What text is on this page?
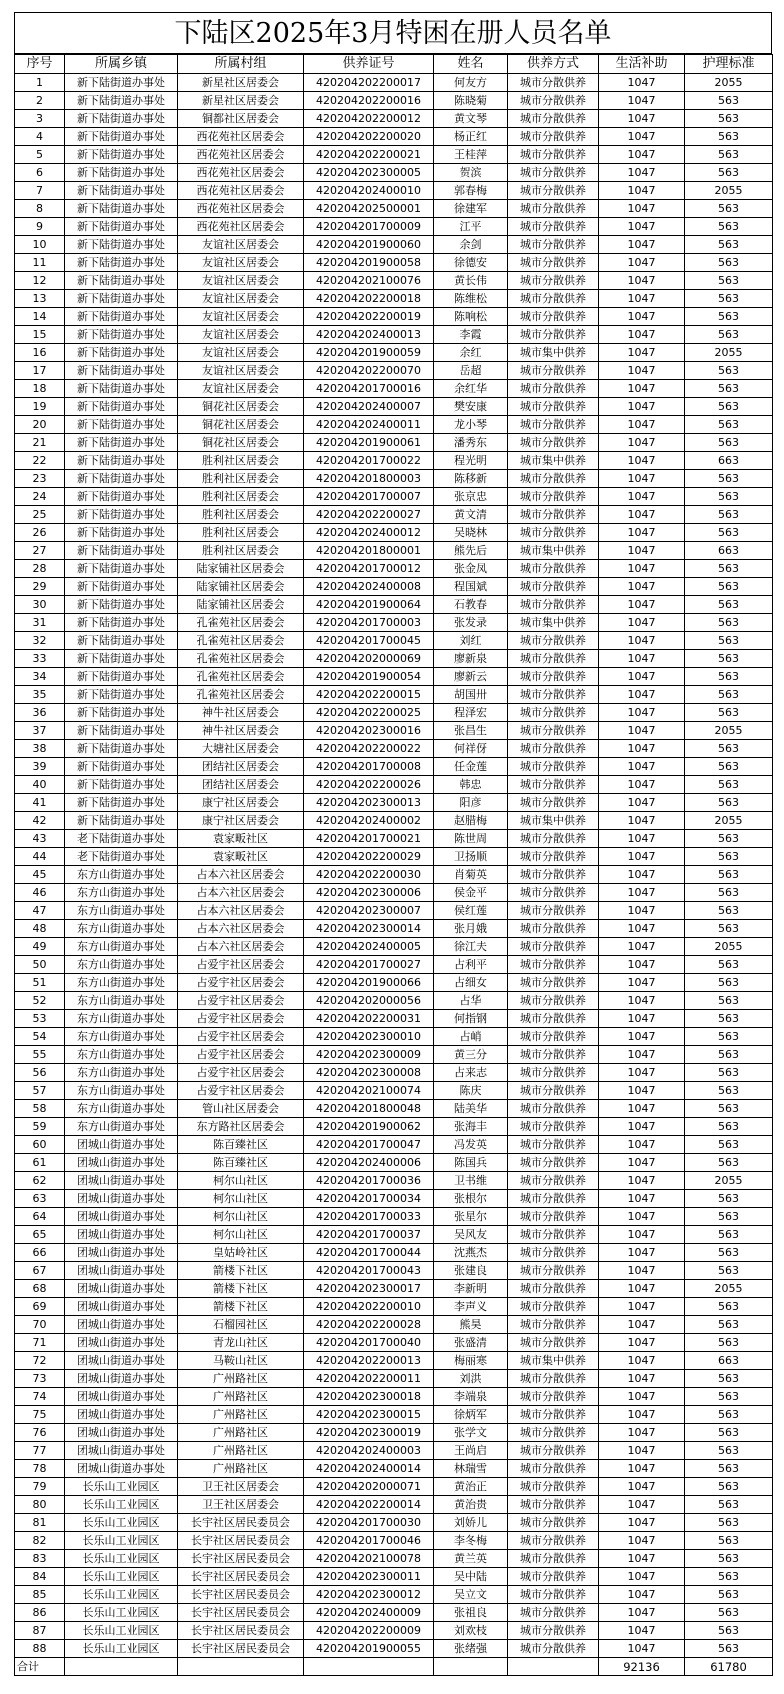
下陆区2025年3月特困在册人员名单
序号	所属乡镇	所属村组	供养证号	姓名	供养方式	生活补助	护理标准
1	新下陆街道办事处	新星社区居委会	420204202200017	何友方	城市分散供养	1047	2055
2	新下陆街道办事处	新星社区居委会	420204202200016	陈晓菊	城市分散供养	1047	563
3	新下陆街道办事处	铜都社区居委会	420204202200012	黄文琴	城市分散供养	1047	563
4	新下陆街道办事处	西花苑社区居委会	420204202200020	杨正红	城市分散供养	1047	563
5	新下陆街道办事处	西花苑社区居委会	420204202200021	王桂萍	城市分散供养	1047	563
6	新下陆街道办事处	西花苑社区居委会	420204202300005	贺滨	城市分散供养	1047	563
7	新下陆街道办事处	西花苑社区居委会	420204202400010	郭春梅	城市分散供养	1047	2055
8	新下陆街道办事处	西花苑社区居委会	420204202500001	徐建军	城市分散供养	1047	563
9	新下陆街道办事处	西花苑社区居委会	420204201700009	江平	城市分散供养	1047	563
10	新下陆街道办事处	友谊社区居委会	420204201900060	余剑	城市分散供养	1047	563
11	新下陆街道办事处	友谊社区居委会	420204201900058	徐德安	城市分散供养	1047	563
12	新下陆街道办事处	友谊社区居委会	420204202100076	黄长伟	城市分散供养	1047	563
13	新下陆街道办事处	友谊社区居委会	420204202200018	陈维松	城市分散供养	1047	563
14	新下陆街道办事处	友谊社区居委会	420204202200019	陈响松	城市分散供养	1047	563
15	新下陆街道办事处	友谊社区居委会	420204202400013	李霞	城市分散供养	1047	563
16	新下陆街道办事处	友谊社区居委会	420204201900059	余红	城市集中供养	1047	2055
17	新下陆街道办事处	友谊社区居委会	420204202200070	岳超	城市分散供养	1047	563
18	新下陆街道办事处	友谊社区居委会	420204201700016	余红华	城市分散供养	1047	563
19	新下陆街道办事处	铜花社区居委会	420204202400007	樊安康	城市分散供养	1047	563
20	新下陆街道办事处	铜花社区居委会	420204202400011	龙小琴	城市分散供养	1047	563
21	新下陆街道办事处	铜花社区居委会	420204201900061	潘秀东	城市分散供养	1047	563
22	新下陆街道办事处	胜利社区居委会	420204201700022	程光明	城市集中供养	1047	663
23	新下陆街道办事处	胜利社区居委会	420204201800003	陈移新	城市分散供养	1047	563
24	新下陆街道办事处	胜利社区居委会	420204201700007	张京忠	城市分散供养	1047	563
25	新下陆街道办事处	胜利社区居委会	420204202200027	黄文清	城市分散供养	1047	563
26	新下陆街道办事处	胜利社区居委会	420204202400012	吴晓林	城市分散供养	1047	563
27	新下陆街道办事处	胜利社区居委会	420204201800001	熊先后	城市集中供养	1047	663
28	新下陆街道办事处	陆家铺社区居委会	420204201700012	张金凤	城市分散供养	1047	563
29	新下陆街道办事处	陆家铺社区居委会	420204202400008	程国斌	城市分散供养	1047	563
30	新下陆街道办事处	陆家铺社区居委会	420204201900064	石教春	城市分散供养	1047	563
31	新下陆街道办事处	孔雀苑社区居委会	420204201700003	张发录	城市集中供养	1047	563
32	新下陆街道办事处	孔雀苑社区居委会	420204201700045	刘红	城市分散供养	1047	563
33	新下陆街道办事处	孔雀苑社区居委会	420204202000069	廖新泉	城市分散供养	1047	563
34	新下陆街道办事处	孔雀苑社区居委会	420204201900054	廖新云	城市分散供养	1047	563
35	新下陆街道办事处	孔雀苑社区居委会	420204202200015	胡国卅	城市分散供养	1047	563
36	新下陆街道办事处	神牛社区居委会	420204202200025	程泽宏	城市分散供养	1047	563
37	新下陆街道办事处	神牛社区居委会	420204202300016	张昌生	城市分散供养	1047	2055
38	新下陆街道办事处	大塘社区居委会	420204202200022	何祥伢	城市分散供养	1047	563
39	新下陆街道办事处	团结社区居委会	420204201700008	任金莲	城市分散供养	1047	563
40	新下陆街道办事处	团结社区居委会	420204202200026	韩忠	城市分散供养	1047	563
41	新下陆街道办事处	康宁社区居委会	420204202300013	阳彦	城市分散供养	1047	563
42	新下陆街道办事处	康宁社区居委会	420204202400002	赵腊梅	城市集中供养	1047	2055
43	老下陆街道办事处	袁家畈社区	420204201700021	陈世周	城市分散供养	1047	563
44	老下陆街道办事处	袁家畈社区	420204202200029	卫扬顺	城市分散供养	1047	563
45	东方山街道办事处	占本六社区居委会	420204202200030	肖菊英	城市分散供养	1047	563
46	东方山街道办事处	占本六社区居委会	420204202300006	侯金平	城市分散供养	1047	563
47	东方山街道办事处	占本六社区居委会	420204202300007	侯红莲	城市分散供养	1047	563
48	东方山街道办事处	占本六社区居委会	420204202300014	张月娥	城市分散供养	1047	563
49	东方山街道办事处	占本六社区居委会	420204202400005	徐江夫	城市分散供养	1047	2055
50	东方山街道办事处	占爱宇社区居委会	420204201700027	占利平	城市分散供养	1047	563
51	东方山街道办事处	占爱宇社区居委会	420204201900066	占细女	城市分散供养	1047	563
52	东方山街道办事处	占爱宇社区居委会	420204202000056	占华	城市分散供养	1047	563
53	东方山街道办事处	占爱宇社区居委会	420204202200031	何指钢	城市分散供养	1047	563
54	东方山街道办事处	占爱宇社区居委会	420204202300010	占峭	城市分散供养	1047	563
55	东方山街道办事处	占爱宇社区居委会	420204202300009	黄三分	城市分散供养	1047	563
56	东方山街道办事处	占爱宇社区居委会	420204202300008	占来志	城市分散供养	1047	563
57	东方山街道办事处	占爱宇社区居委会	420204202100074	陈庆	城市分散供养	1047	563
58	东方山街道办事处	管山社区居委会	420204201800048	陆美华	城市分散供养	1047	563
59	东方山街道办事处	东方路社区居委会	420204201900062	张海丰	城市分散供养	1047	563
60	团城山街道办事处	陈百臻社区	420204201700047	冯发英	城市分散供养	1047	563
61	团城山街道办事处	陈百臻社区	420204202400006	陈国兵	城市分散供养	1047	563
62	团城山街道办事处	柯尔山社区	420204201700036	卫书维	城市分散供养	1047	2055
63	团城山街道办事处	柯尔山社区	420204201700034	张根尔	城市分散供养	1047	563
64	团城山街道办事处	柯尔山社区	420204201700033	张星尔	城市分散供养	1047	563
65	团城山街道办事处	柯尔山社区	420204201700037	吴风友	城市分散供养	1047	563
66	团城山街道办事处	皇姑岭社区	420204201700044	沈燕杰	城市分散供养	1047	563
67	团城山街道办事处	箭楼下社区	420204201700043	张建良	城市分散供养	1047	563
68	团城山街道办事处	箭楼下社区	420204202300017	李新明	城市分散供养	1047	2055
69	团城山街道办事处	箭楼下社区	420204202200010	李声义	城市分散供养	1047	563
70	团城山街道办事处	石榴园社区	420204202200028	熊昊	城市分散供养	1047	563
71	团城山街道办事处	青龙山社区	420204201700040	张盛清	城市分散供养	1047	563
72	团城山街道办事处	马鞍山社区	420204202200013	梅丽寒	城市集中供养	1047	663
73	团城山街道办事处	广州路社区	420204202200011	刘洪	城市分散供养	1047	563
74	团城山街道办事处	广州路社区	420204202300018	李端泉	城市分散供养	1047	563
75	团城山街道办事处	广州路社区	420204202300015	徐炳军	城市分散供养	1047	563
76	团城山街道办事处	广州路社区	420204202300019	张学文	城市分散供养	1047	563
77	团城山街道办事处	广州路社区	420204202400003	王尚启	城市分散供养	1047	563
78	团城山街道办事处	广州路社区	420204202400014	林瑞雪	城市分散供养	1047	563
79	长乐山工业园区	卫王社区居委会	420204202000071	黄治正	城市分散供养	1047	563
80	长乐山工业园区	卫王社区居委会	420204202200014	黄治贵	城市分散供养	1047	563
81	长乐山工业园区	长宇社区居民委员会	420204201700030	刘娇儿	城市分散供养	1047	563
82	长乐山工业园区	长宇社区居民委员会	420204201700046	李冬梅	城市分散供养	1047	563
83	长乐山工业园区	长宇社区居民委员会	420204202100078	黄兰英	城市分散供养	1047	563
84	长乐山工业园区	长宇社区居民委员会	420204202300011	吴中陆	城市分散供养	1047	563
85	长乐山工业园区	长宇社区居民委员会	420204202300012	吴立文	城市分散供养	1047	563
86	长乐山工业园区	长宇社区居民委员会	420204202400009	张祖良	城市分散供养	1047	563
87	长乐山工业园区	长宇社区居民委员会	420204202200009	刘欢枝	城市分散供养	1047	563
88	长乐山工业园区	长宇社区居民委员会	420204201900055	张绪强	城市分散供养	1047	563
合计						92136	61780
